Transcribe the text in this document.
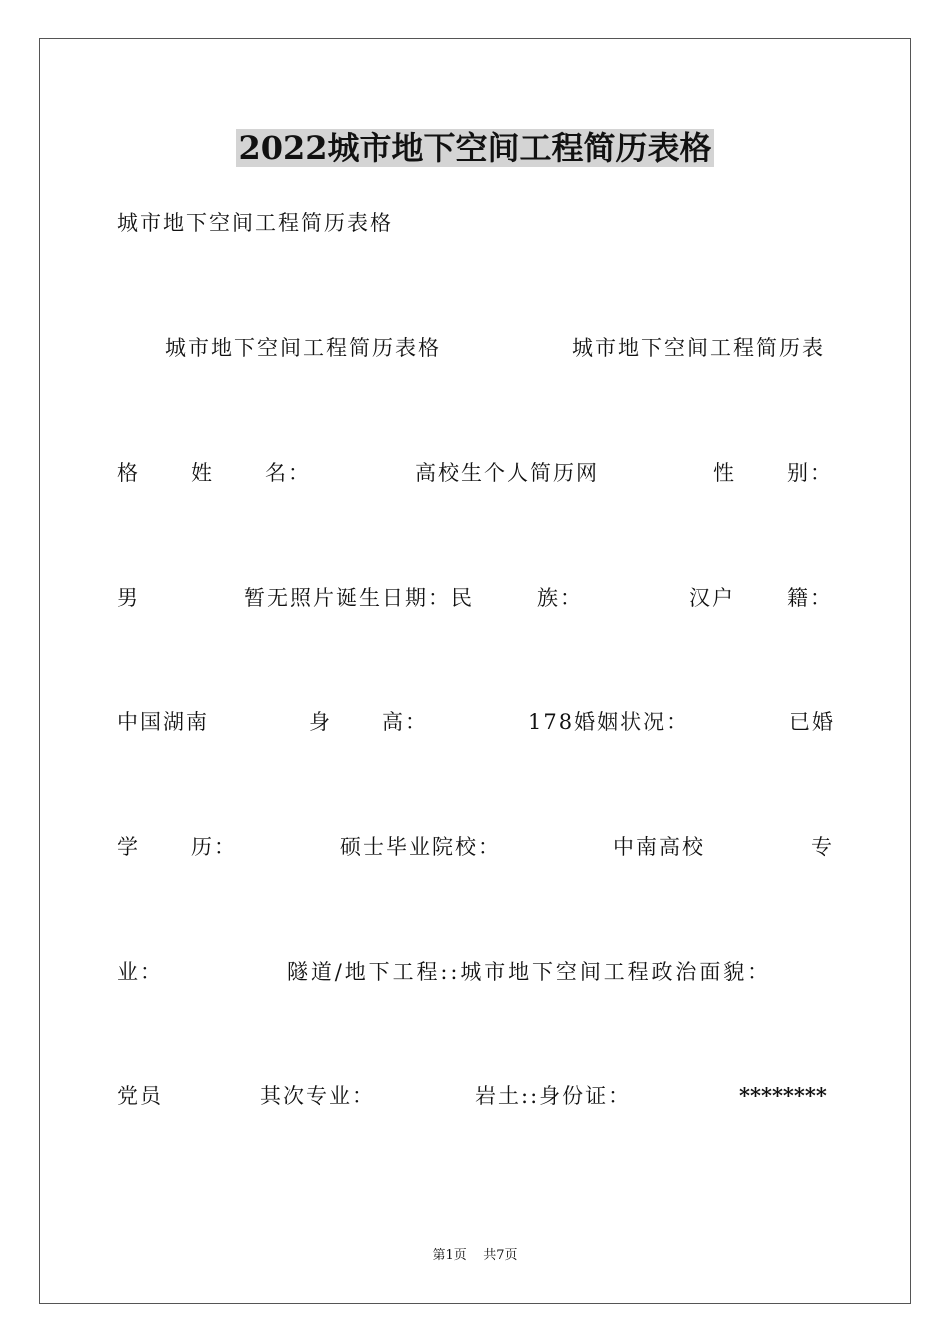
2022城市地下空间工程简历表格
城市地下空间工程简历表格
城市地下空间工程简历表格	城市地下空间工程简历表
格 姓 名：	高校生个人简历网	性 别：
男	暂无照片诞生日期：民	族：	汉户 籍：
中国湖南	身 高：	178婚姻状况：	已婚
学 历：	硕士毕业院校：	中南高校	专
业：	隧道/地下工程::城市地下空间工程政治面貌：
党员	其次专业：	岩土::身份证：	********
第1页 共7页
